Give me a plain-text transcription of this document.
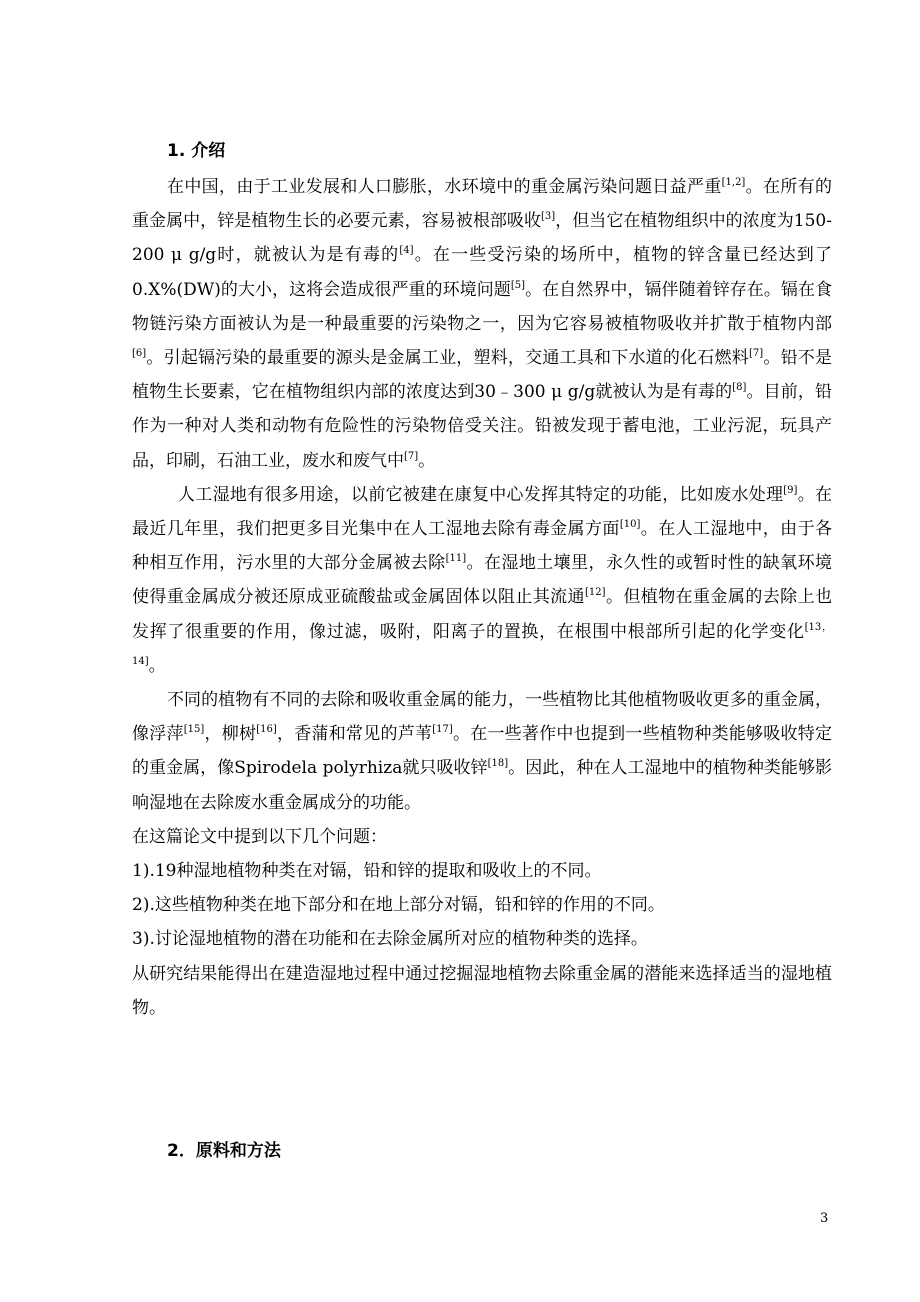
1. 介绍

在中国，由于工业发展和人口膨胀，水环境中的重金属污染问题日益严重[1,2]。在所有的重金属中，锌是植物生长的必要元素，容易被根部吸收[3]，但当它在植物组织中的浓度为150-200 μ g/g时，就被认为是有毒的[4]。在一些受污染的场所中，植物的锌含量已经达到了0.X%(DW)的大小，这将会造成很严重的环境问题[5]。在自然界中，镉伴随着锌存在。镉在食物链污染方面被认为是一种最重要的污染物之一，因为它容易被植物吸收并扩散于植物内部[6]。引起镉污染的最重要的源头是金属工业，塑料，交通工具和下水道的化石燃料[7]。铅不是植物生长要素，它在植物组织内部的浓度达到30﹣300 μ g/g就被认为是有毒的[8]。目前，铅作为一种对人类和动物有危险性的污染物倍受关注。铅被发现于蓄电池，工业污泥，玩具产品，印刷，石油工业，废水和废气中[7]。

人工湿地有很多用途，以前它被建在康复中心发挥其特定的功能，比如废水处理[9]。在最近几年里，我们把更多目光集中在人工湿地去除有毒金属方面[10]。在人工湿地中，由于各种相互作用，污水里的大部分金属被去除[11]。在湿地土壤里，永久性的或暂时性的缺氧环境使得重金属成分被还原成亚硫酸盐或金属固体以阻止其流通[12]。但植物在重金属的去除上也发挥了很重要的作用，像过滤，吸附，阳离子的置换，在根围中根部所引起的化学变化[13，14]。

不同的植物有不同的去除和吸收重金属的能力，一些植物比其他植物吸收更多的重金属，像浮萍[15]，柳树[16]，香蒲和常见的芦苇[17]。在一些著作中也提到一些植物种类能够吸收特定的重金属，像Spirodela polyrhiza就只吸收锌[18]。因此，种在人工湿地中的植物种类能够影响湿地在去除废水重金属成分的功能。

在这篇论文中提到以下几个问题：

1).19种湿地植物种类在对镉，铅和锌的提取和吸收上的不同。

2).这些植物种类在地下部分和在地上部分对镉，铅和锌的作用的不同。

3).讨论湿地植物的潜在功能和在去除金属所对应的植物种类的选择。

从研究结果能得出在建造湿地过程中通过挖掘湿地植物去除重金属的潜能来选择适当的湿地植物。

2．原料和方法
3
